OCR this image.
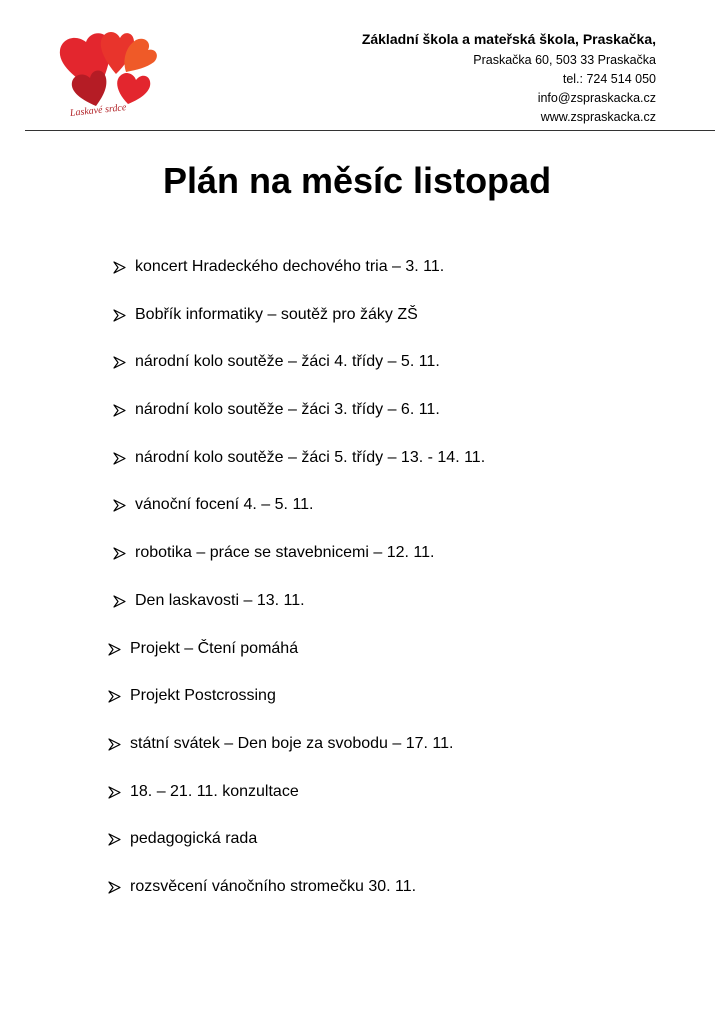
Laskavé srdce
Základní škola a mateřská škola, Praskačka,
Praskačka 60, 503 33 Praskačka
tel.: 724 514 050
info@zspraskacka.cz
www.zspraskacka.cz
Plán na měsíc listopad
koncert Hradeckého dechového tria – 3. 11.
Bobřík informatiky – soutěž pro žáky ZŠ
národní kolo soutěže – žáci 4. třídy – 5. 11.
národní kolo soutěže – žáci 3. třídy – 6. 11.
národní kolo soutěže – žáci 5. třídy – 13. - 14. 11.
vánoční focení 4. – 5. 11.
robotika – práce se stavebnicemi – 12. 11.
Den laskavosti – 13. 11.
Projekt – Čtení pomáhá
Projekt Postcrossing
státní svátek – Den boje za svobodu – 17. 11.
18. – 21. 11. konzultace
pedagogická rada
rozsvěcení vánočního stromečku 30. 11.
